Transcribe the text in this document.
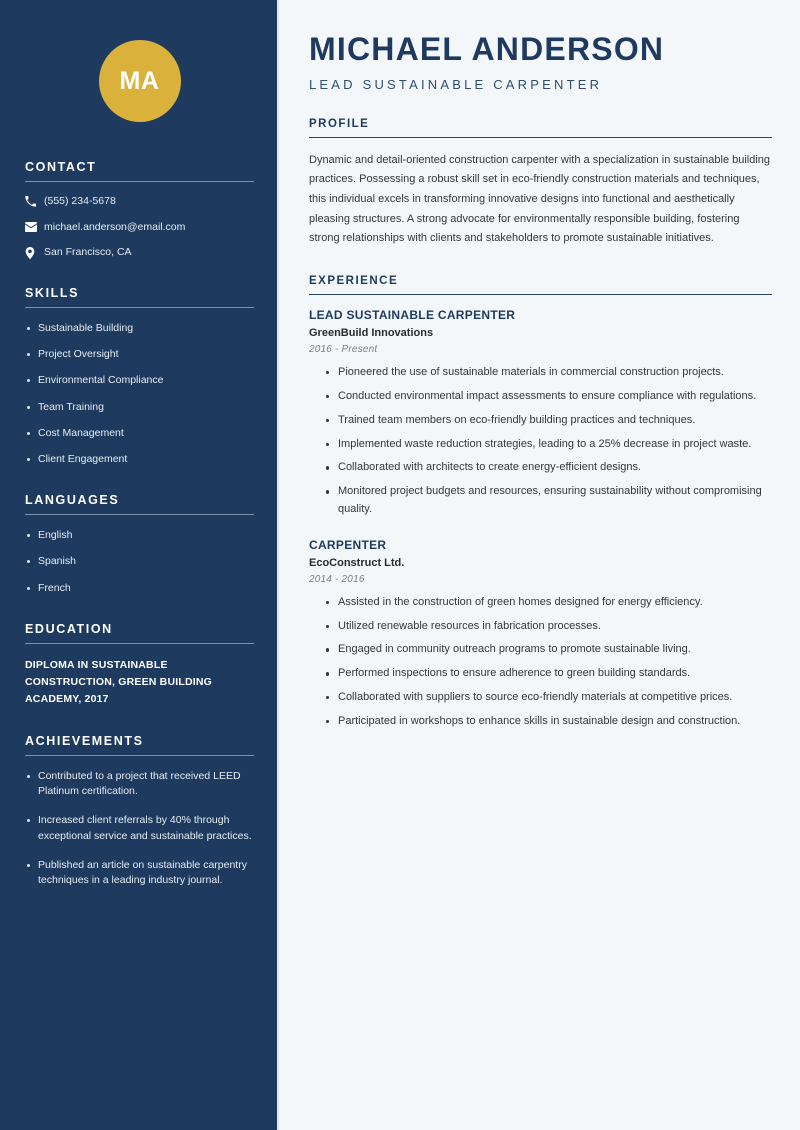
MA
CONTACT
(555) 234-5678
michael.anderson@email.com
San Francisco, CA
SKILLS
Sustainable Building
Project Oversight
Environmental Compliance
Team Training
Cost Management
Client Engagement
LANGUAGES
English
Spanish
French
EDUCATION
DIPLOMA IN SUSTAINABLE CONSTRUCTION, GREEN BUILDING ACADEMY, 2017
ACHIEVEMENTS
Contributed to a project that received LEED Platinum certification.
Increased client referrals by 40% through exceptional service and sustainable practices.
Published an article on sustainable carpentry techniques in a leading industry journal.
MICHAEL ANDERSON
LEAD SUSTAINABLE CARPENTER
PROFILE

Dynamic and detail-oriented construction carpenter with a specialization in sustainable building practices. Possessing a robust skill set in eco-friendly construction materials and techniques, this individual excels in transforming innovative designs into functional and aesthetically pleasing structures. A strong advocate for environmentally responsible building, fostering strong relationships with clients and stakeholders to promote sustainable initiatives.

EXPERIENCE
LEAD SUSTAINABLE CARPENTER
GreenBuild Innovations
2016 - Present
Pioneered the use of sustainable materials in commercial construction projects.
Conducted environmental impact assessments to ensure compliance with regulations.
Trained team members on eco-friendly building practices and techniques.
Implemented waste reduction strategies, leading to a 25% decrease in project waste.
Collaborated with architects to create energy-efficient designs.
Monitored project budgets and resources, ensuring sustainability without compromising quality.
CARPENTER
EcoConstruct Ltd.
2014 - 2016
Assisted in the construction of green homes designed for energy efficiency.
Utilized renewable resources in fabrication processes.
Engaged in community outreach programs to promote sustainable living.
Performed inspections to ensure adherence to green building standards.
Collaborated with suppliers to source eco-friendly materials at competitive prices.
Participated in workshops to enhance skills in sustainable design and construction.
